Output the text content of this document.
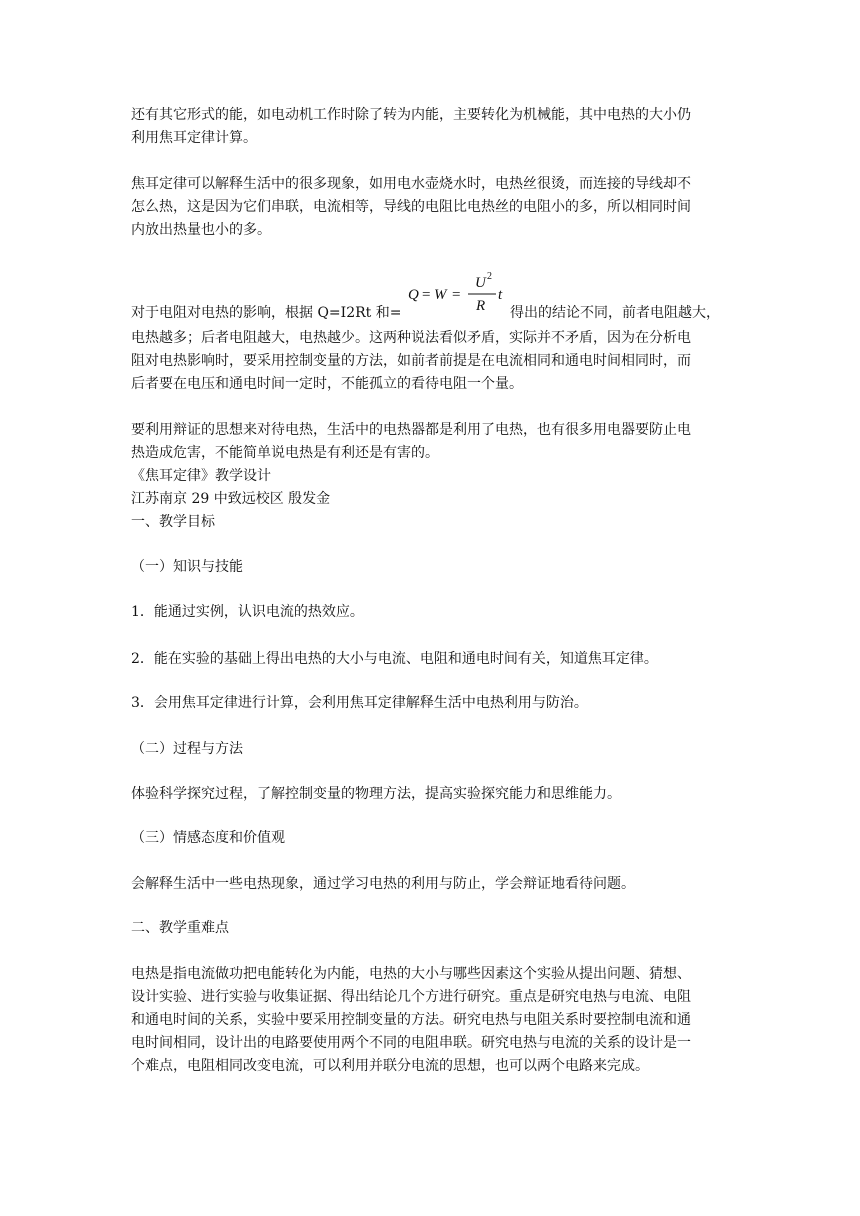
还有其它形式的能，如电动机工作时除了转为内能，主要转化为机械能，其中电热的大小仍

利用焦耳定律计算。

焦耳定律可以解释生活中的很多现象，如用电水壶烧水时，电热丝很烫，而连接的导线却不

怎么热，这是因为它们串联，电流相等，导线的电阻比电热丝的电阻小的多，所以相同时间

内放出热量也小的多。

对于电阻对电热的影响，根据 Q=I2Rt 和=
Q = W =
U 2
R
t
得出的结论不同，前者电阻越大，

电热越多；后者电阻越大，电热越少。这两种说法看似矛盾，实际并不矛盾，因为在分析电

阻对电热影响时，要采用控制变量的方法，如前者前提是在电流相同和通电时间相同时，而

后者要在电压和通电时间一定时，不能孤立的看待电阻一个量。

要利用辩证的思想来对待电热，生活中的电热器都是利用了电热，也有很多用电器要防止电

热造成危害，不能简单说电热是有利还是有害的。

《焦耳定律》教学设计

江苏南京 29 中致远校区 殷发金

一、教学目标

（一）知识与技能

1．能通过实例，认识电流的热效应。

2．能在实验的基础上得出电热的大小与电流、电阻和通电时间有关，知道焦耳定律。

3．会用焦耳定律进行计算，会利用焦耳定律解释生活中电热利用与防治。

（二）过程与方法

体验科学探究过程，了解控制变量的物理方法，提高实验探究能力和思维能力。

（三）情感态度和价值观

会解释生活中一些电热现象，通过学习电热的利用与防止，学会辩证地看待问题。

二、教学重难点

电热是指电流做功把电能转化为内能，电热的大小与哪些因素这个实验从提出问题、猜想、

设计实验、进行实验与收集证据、得出结论几个方进行研究。重点是研究电热与电流、电阻

和通电时间的关系，实验中要采用控制变量的方法。研究电热与电阻关系时要控制电流和通

电时间相同，设计出的电路要使用两个不同的电阻串联。研究电热与电流的关系的设计是一

个难点，电阻相同改变电流，可以利用并联分电流的思想，也可以两个电路来完成。
